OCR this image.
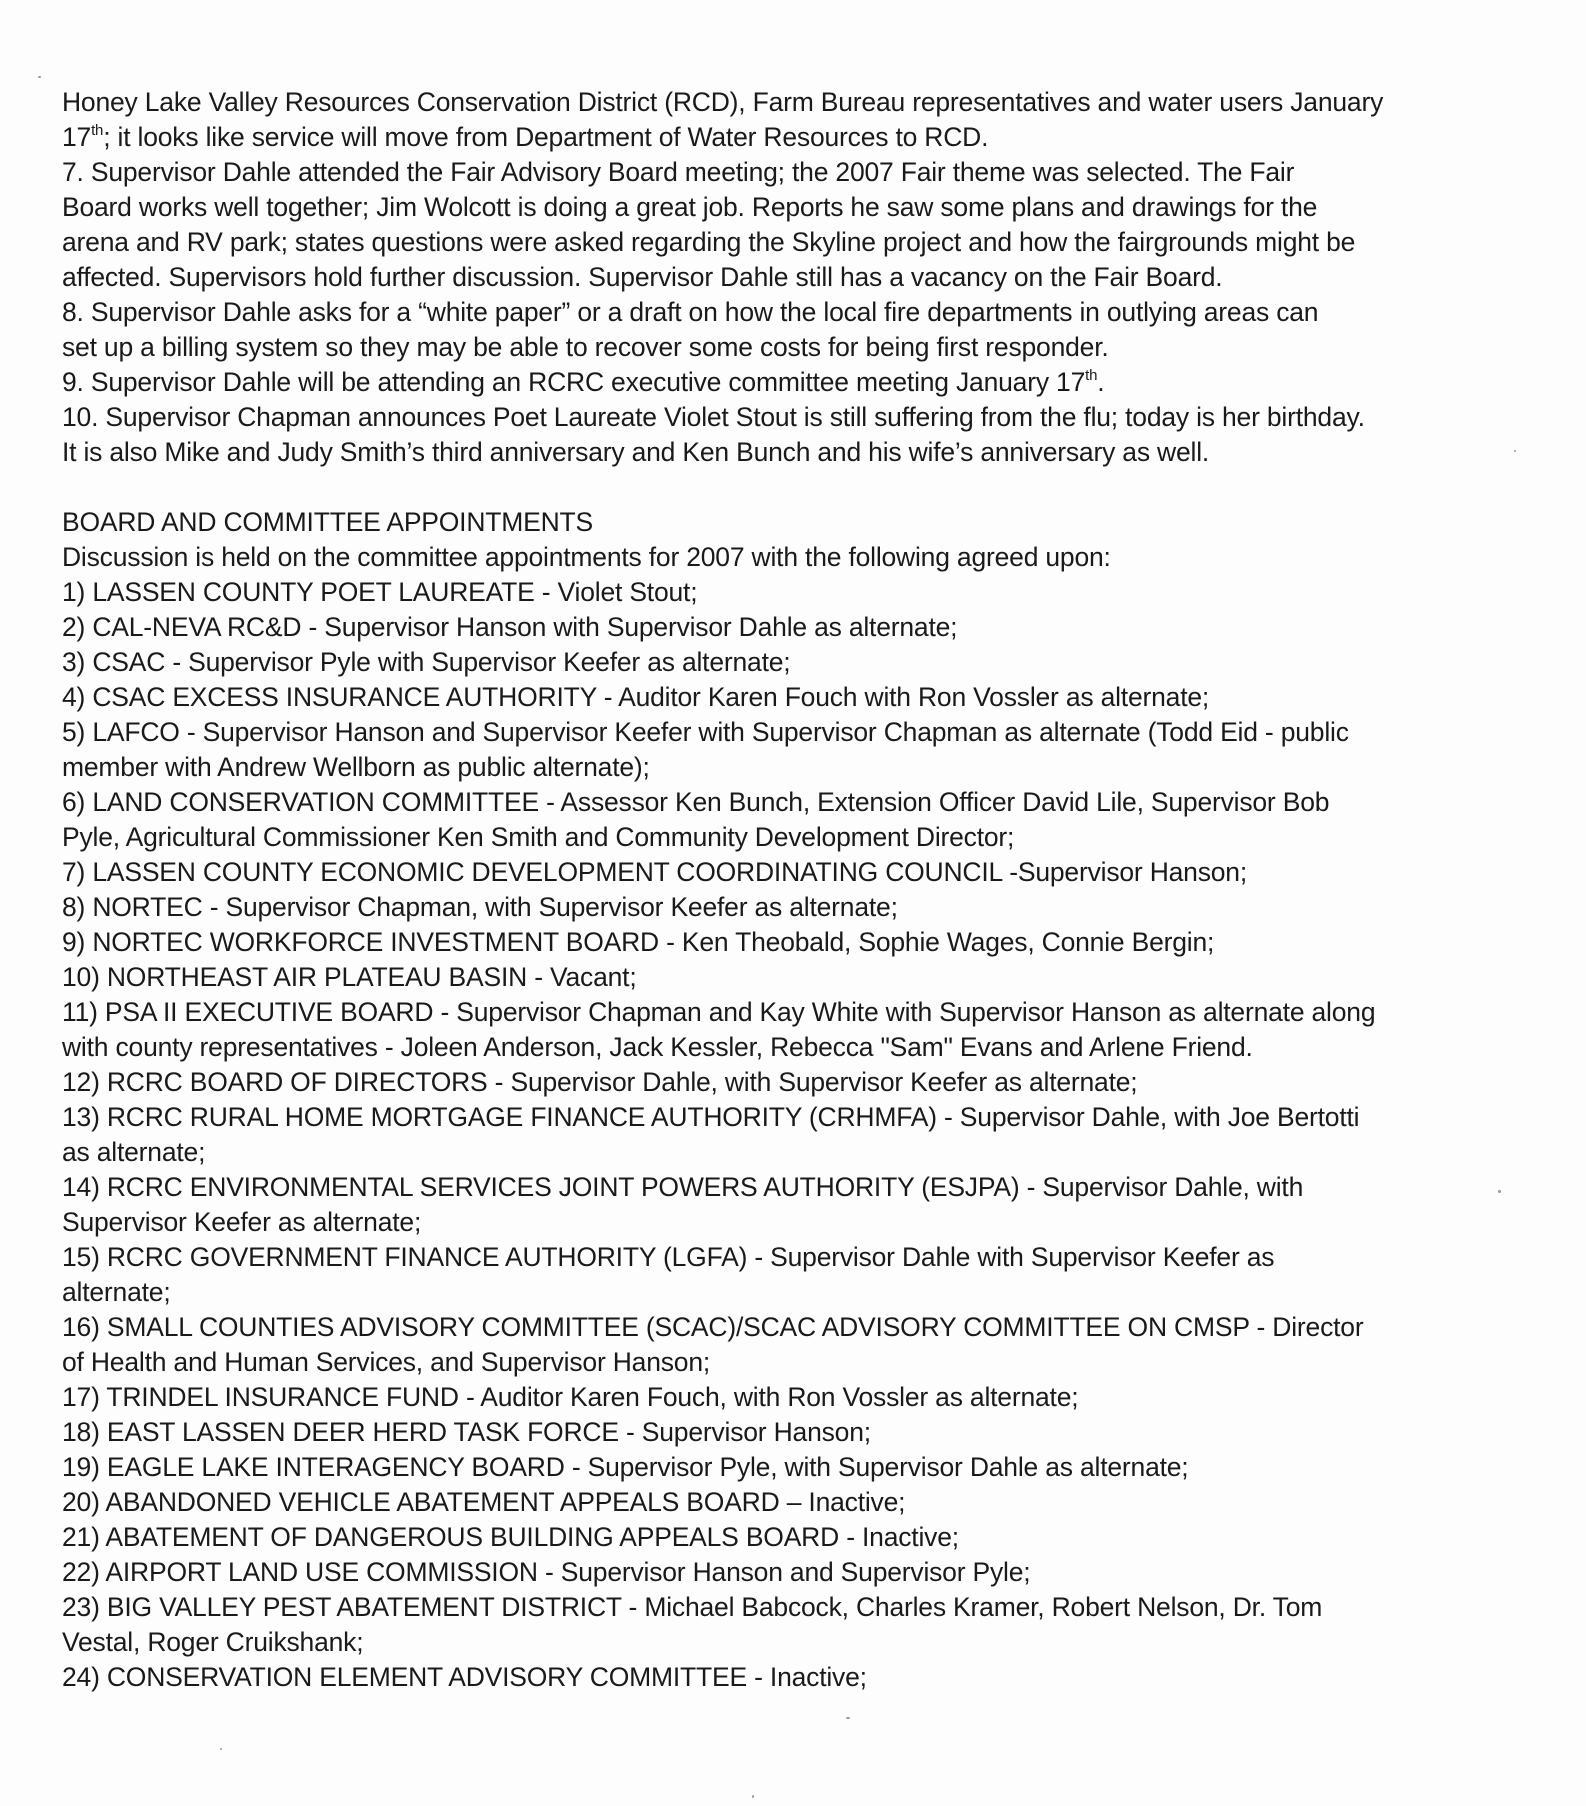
Honey Lake Valley Resources Conservation District (RCD), Farm Bureau representatives and water users January
17th; it looks like service will move from Department of Water Resources to RCD.
7. Supervisor Dahle attended the Fair Advisory Board meeting; the 2007 Fair theme was selected. The Fair
Board works well together; Jim Wolcott is doing a great job. Reports he saw some plans and drawings for the
arena and RV park; states questions were asked regarding the Skyline project and how the fairgrounds might be
affected. Supervisors hold further discussion. Supervisor Dahle still has a vacancy on the Fair Board.
8. Supervisor Dahle asks for a “white paper” or a draft on how the local fire departments in outlying areas can
set up a billing system so they may be able to recover some costs for being first responder.
9. Supervisor Dahle will be attending an RCRC executive committee meeting January 17th.
10. Supervisor Chapman announces Poet Laureate Violet Stout is still suffering from the flu; today is her birthday.
It is also Mike and Judy Smith’s third anniversary and Ken Bunch and his wife’s anniversary as well.
BOARD AND COMMITTEE APPOINTMENTS
Discussion is held on the committee appointments for 2007 with the following agreed upon:
1) LASSEN COUNTY POET LAUREATE - Violet Stout;
2) CAL-NEVA RC&D - Supervisor Hanson with Supervisor Dahle as alternate;
3) CSAC - Supervisor Pyle with Supervisor Keefer as alternate;
4) CSAC EXCESS INSURANCE AUTHORITY - Auditor Karen Fouch with Ron Vossler as alternate;
5) LAFCO - Supervisor Hanson and Supervisor Keefer with Supervisor Chapman as alternate (Todd Eid - public
member with Andrew Wellborn as public alternate);
6) LAND CONSERVATION COMMITTEE - Assessor Ken Bunch, Extension Officer David Lile, Supervisor Bob
Pyle, Agricultural Commissioner Ken Smith and Community Development Director;
7) LASSEN COUNTY ECONOMIC DEVELOPMENT COORDINATING COUNCIL -Supervisor Hanson;
8) NORTEC - Supervisor Chapman, with Supervisor Keefer as alternate;
9) NORTEC WORKFORCE INVESTMENT BOARD - Ken Theobald, Sophie Wages, Connie Bergin;
10) NORTHEAST AIR PLATEAU BASIN - Vacant;
11) PSA II EXECUTIVE BOARD - Supervisor Chapman and Kay White with Supervisor Hanson as alternate along
with county representatives - Joleen Anderson, Jack Kessler, Rebecca "Sam" Evans and Arlene Friend.
12) RCRC BOARD OF DIRECTORS - Supervisor Dahle, with Supervisor Keefer as alternate;
13) RCRC RURAL HOME MORTGAGE FINANCE AUTHORITY (CRHMFA) - Supervisor Dahle, with Joe Bertotti
as alternate;
14) RCRC ENVIRONMENTAL SERVICES JOINT POWERS AUTHORITY (ESJPA) - Supervisor Dahle, with
Supervisor Keefer as alternate;
15) RCRC GOVERNMENT FINANCE AUTHORITY (LGFA) - Supervisor Dahle with Supervisor Keefer as
alternate;
16) SMALL COUNTIES ADVISORY COMMITTEE (SCAC)/SCAC ADVISORY COMMITTEE ON CMSP - Director
of Health and Human Services, and Supervisor Hanson;
17) TRINDEL INSURANCE FUND - Auditor Karen Fouch, with Ron Vossler as alternate;
18) EAST LASSEN DEER HERD TASK FORCE - Supervisor Hanson;
19) EAGLE LAKE INTERAGENCY BOARD - Supervisor Pyle, with Supervisor Dahle as alternate;
20) ABANDONED VEHICLE ABATEMENT APPEALS BOARD – Inactive;
21) ABATEMENT OF DANGEROUS BUILDING APPEALS BOARD - Inactive;
22) AIRPORT LAND USE COMMISSION - Supervisor Hanson and Supervisor Pyle;
23) BIG VALLEY PEST ABATEMENT DISTRICT - Michael Babcock, Charles Kramer, Robert Nelson, Dr. Tom
Vestal, Roger Cruikshank;
24) CONSERVATION ELEMENT ADVISORY COMMITTEE - Inactive;
